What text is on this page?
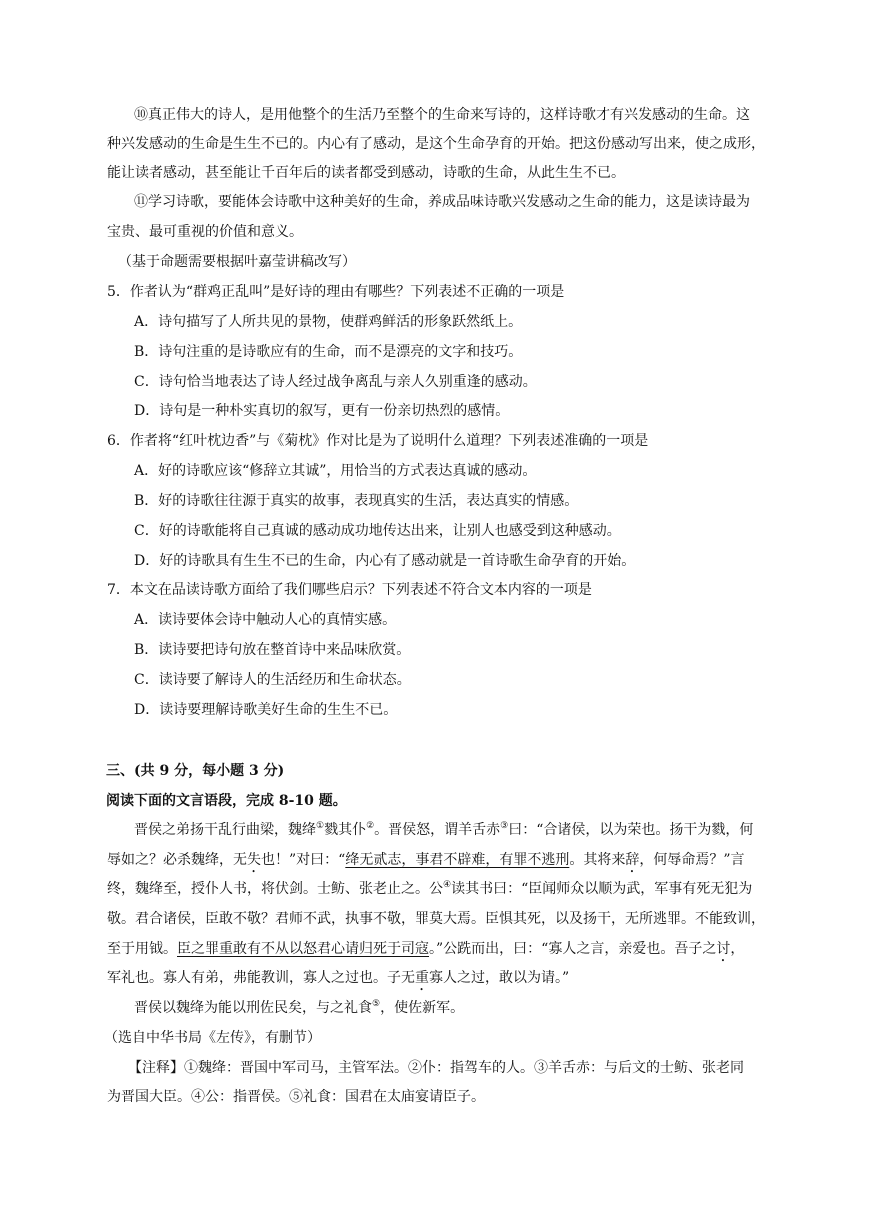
⑩真正伟大的诗人，是用他整个的生活乃至整个的生命来写诗的，这样诗歌才有兴发感动的生命。这
种兴发感动的生命是生生不已的。内心有了感动，是这个生命孕育的开始。把这份感动写出来，使之成形，
能让读者感动，甚至能让千百年后的读者都受到感动，诗歌的生命，从此生生不已。
⑪学习诗歌，要能体会诗歌中这种美好的生命，养成品味诗歌兴发感动之生命的能力，这是读诗最为
宝贵、最可重视的价值和意义。
（基于命题需要根据叶嘉莹讲稿改写）
5．作者认为“群鸡正乱叫”是好诗的理由有哪些？下列表述不正确的一项是
A．诗句描写了人所共见的景物，使群鸡鲜活的形象跃然纸上。
B．诗句注重的是诗歌应有的生命，而不是漂亮的文字和技巧。
C．诗句恰当地表达了诗人经过战争离乱与亲人久别重逢的感动。
D．诗句是一种朴实真切的叙写，更有一份亲切热烈的感情。
6．作者将“红叶枕边香”与《菊枕》作对比是为了说明什么道理？下列表述准确的一项是
A．好的诗歌应该“修辞立其诚”，用恰当的方式表达真诚的感动。
B．好的诗歌往往源于真实的故事，表现真实的生活，表达真实的情感。
C．好的诗歌能将自己真诚的感动成功地传达出来，让别人也感受到这种感动。
D．好的诗歌具有生生不已的生命，内心有了感动就是一首诗歌生命孕育的开始。
7．本文在品读诗歌方面给了我们哪些启示？下列表述不符合文本内容的一项是
A．读诗要体会诗中触动人心的真情实感。
B．读诗要把诗句放在整首诗中来品味欣赏。
C．读诗要了解诗人的生活经历和生命状态。
D．读诗要理解诗歌美好生命的生生不已。
三、(共 9 分，每小题 3 分)
阅读下面的文言语段，完成 8-10 题。
晋侯之弟扬干乱行曲梁，魏绛①戮其仆②。晋侯怒，谓羊舌赤③曰：“合诸侯，以为荣也。扬干为戮，何
辱如之？必杀魏绛，无失也！”对曰：“绛无贰志，事君不辟难，有罪不逃刑。其将来辞，何辱命焉？”言
终，魏绛至，授仆人书，将伏剑。士鲂、张老止之。公④读其书曰：“臣闻师众以顺为武，军事有死无犯为
敬。君合诸侯，臣敢不敬？君师不武，执事不敬，罪莫大焉。臣惧其死，以及扬干，无所逃罪。不能致训，
至于用钺。臣之罪重敢有不从以怒君心请归死于司寇。”公跣而出，曰：“寡人之言，亲爱也。吾子之讨，
军礼也。寡人有弟，弗能教训，寡人之过也。子无重寡人之过，敢以为请。”
晋侯以魏绛为能以刑佐民矣，与之礼食⑤，使佐新军。
（选自中华书局《左传》，有删节）
【注释】①魏绛：晋国中军司马，主管军法。②仆：指驾车的人。③羊舌赤：与后文的士鲂、张老同
为晋国大臣。④公：指晋侯。⑤礼食：国君在太庙宴请臣子。
